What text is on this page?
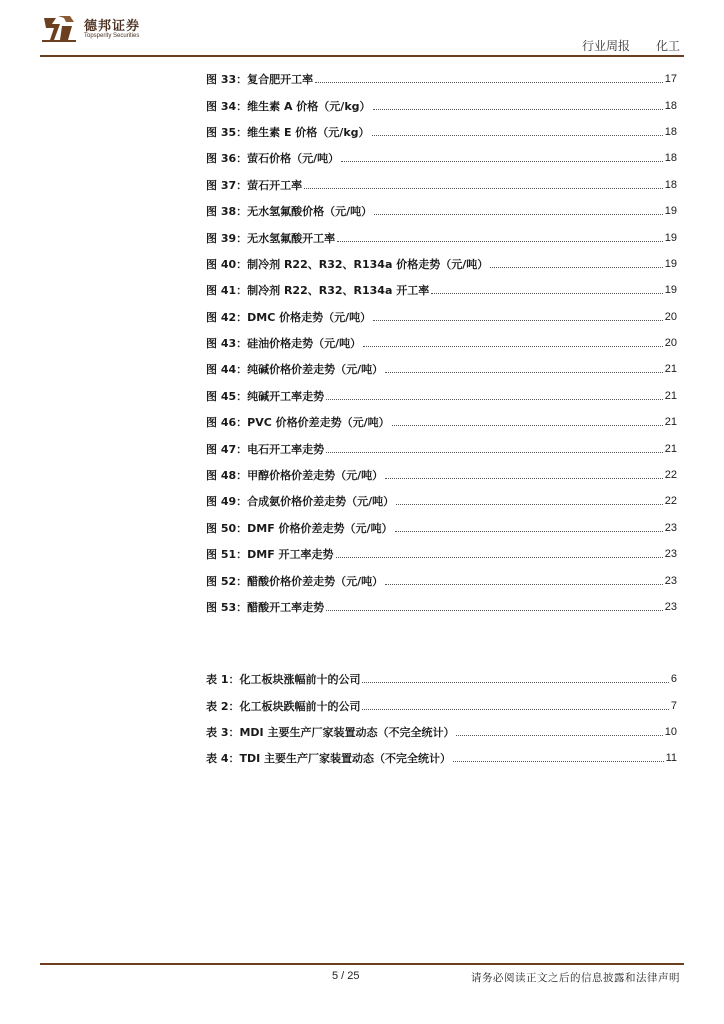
德邦证券
Topsperity Securities
行业周报 化工
图 33：复合肥开工率	17
图 34：维生素 A 价格（元/kg）	18
图 35：维生素 E 价格（元/kg）	18
图 36：萤石价格（元/吨）	18
图 37：萤石开工率	18
图 38：无水氢氟酸价格（元/吨）	19
图 39：无水氢氟酸开工率	19
图 40：制冷剂 R22、R32、R134a 价格走势（元/吨）	19
图 41：制冷剂 R22、R32、R134a 开工率	19
图 42：DMC 价格走势（元/吨）	20
图 43：硅油价格走势（元/吨）	20
图 44：纯碱价格价差走势（元/吨）	21
图 45：纯碱开工率走势	21
图 46：PVC 价格价差走势（元/吨）	21
图 47：电石开工率走势	21
图 48：甲醇价格价差走势（元/吨）	22
图 49：合成氨价格价差走势（元/吨）	22
图 50：DMF 价格价差走势（元/吨）	23
图 51：DMF 开工率走势	23
图 52：醋酸价格价差走势（元/吨）	23
图 53：醋酸开工率走势	23
表 1：化工板块涨幅前十的公司	6
表 2：化工板块跌幅前十的公司	7
表 3：MDI 主要生产厂家装置动态（不完全统计）	10
表 4：TDI 主要生产厂家装置动态（不完全统计）	11
5 / 25	请务必阅读正文之后的信息披露和法律声明
